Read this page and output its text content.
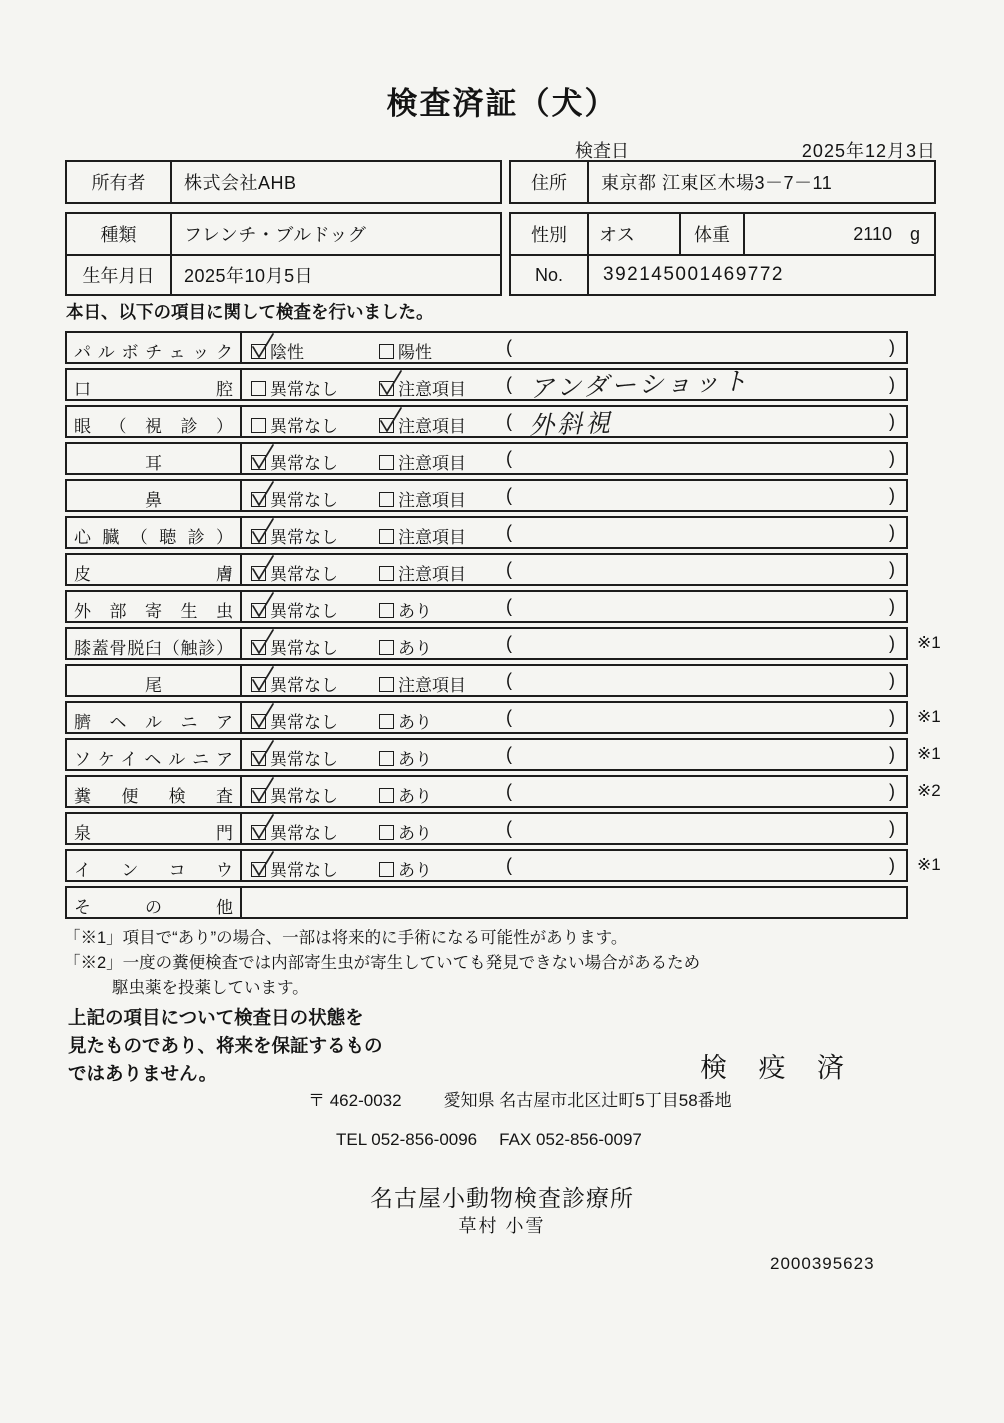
検査済証（犬）
検査日	2025年12月3日
所有者	株式会社AHB	住所	東京都 江東区木場3－7－11
種類	フレンチ・ブルドッグ
生年月日	2025年10月5日
性別	オス	体重	2110 g
No.	392145001469772
本日、以下の項目に関して検査を行いました。
パルボチェック	陰性	陽性	(	)
口腔	異常なし	注意項目 ( アンダーショット	)
眼（視診）	異常なし	注意項目 ( 外斜視	)
耳	異常なし	注意項目 (	)
鼻	異常なし	注意項目 (	)
心臓（聴診）	異常なし	注意項目 (	)
皮膚	異常なし	注意項目 (	)
外部寄生虫	異常なし	あり	(	)
膝蓋骨脱臼（触診）	異常なし	あり	(	) ※1
尾	異常なし	注意項目 (	)
臍ヘルニア	異常なし	あり	(	) ※1
ソケイヘルニア	異常なし	あり	(	) ※1
糞便検査	異常なし	あり	(	) ※2
泉門	異常なし	あり	(	)
インコウ	異常なし	あり	(	) ※1
その他
「※1」項目で“あり”の場合、一部は将来的に手術になる可能性があります。
「※2」一度の糞便検査では内部寄生虫が寄生していても発見できない場合があるため
駆虫薬を投薬しています。
上記の項目について検査日の状態を
見たものであり、将来を保証するもの
ではありません。	検 疫 済
〒 462-0032 愛知県 名古屋市北区辻町5丁目58番地
TEL 052-856-0096 FAX 052-856-0097
名古屋小動物検査診療所
草村 小雪
2000395623
